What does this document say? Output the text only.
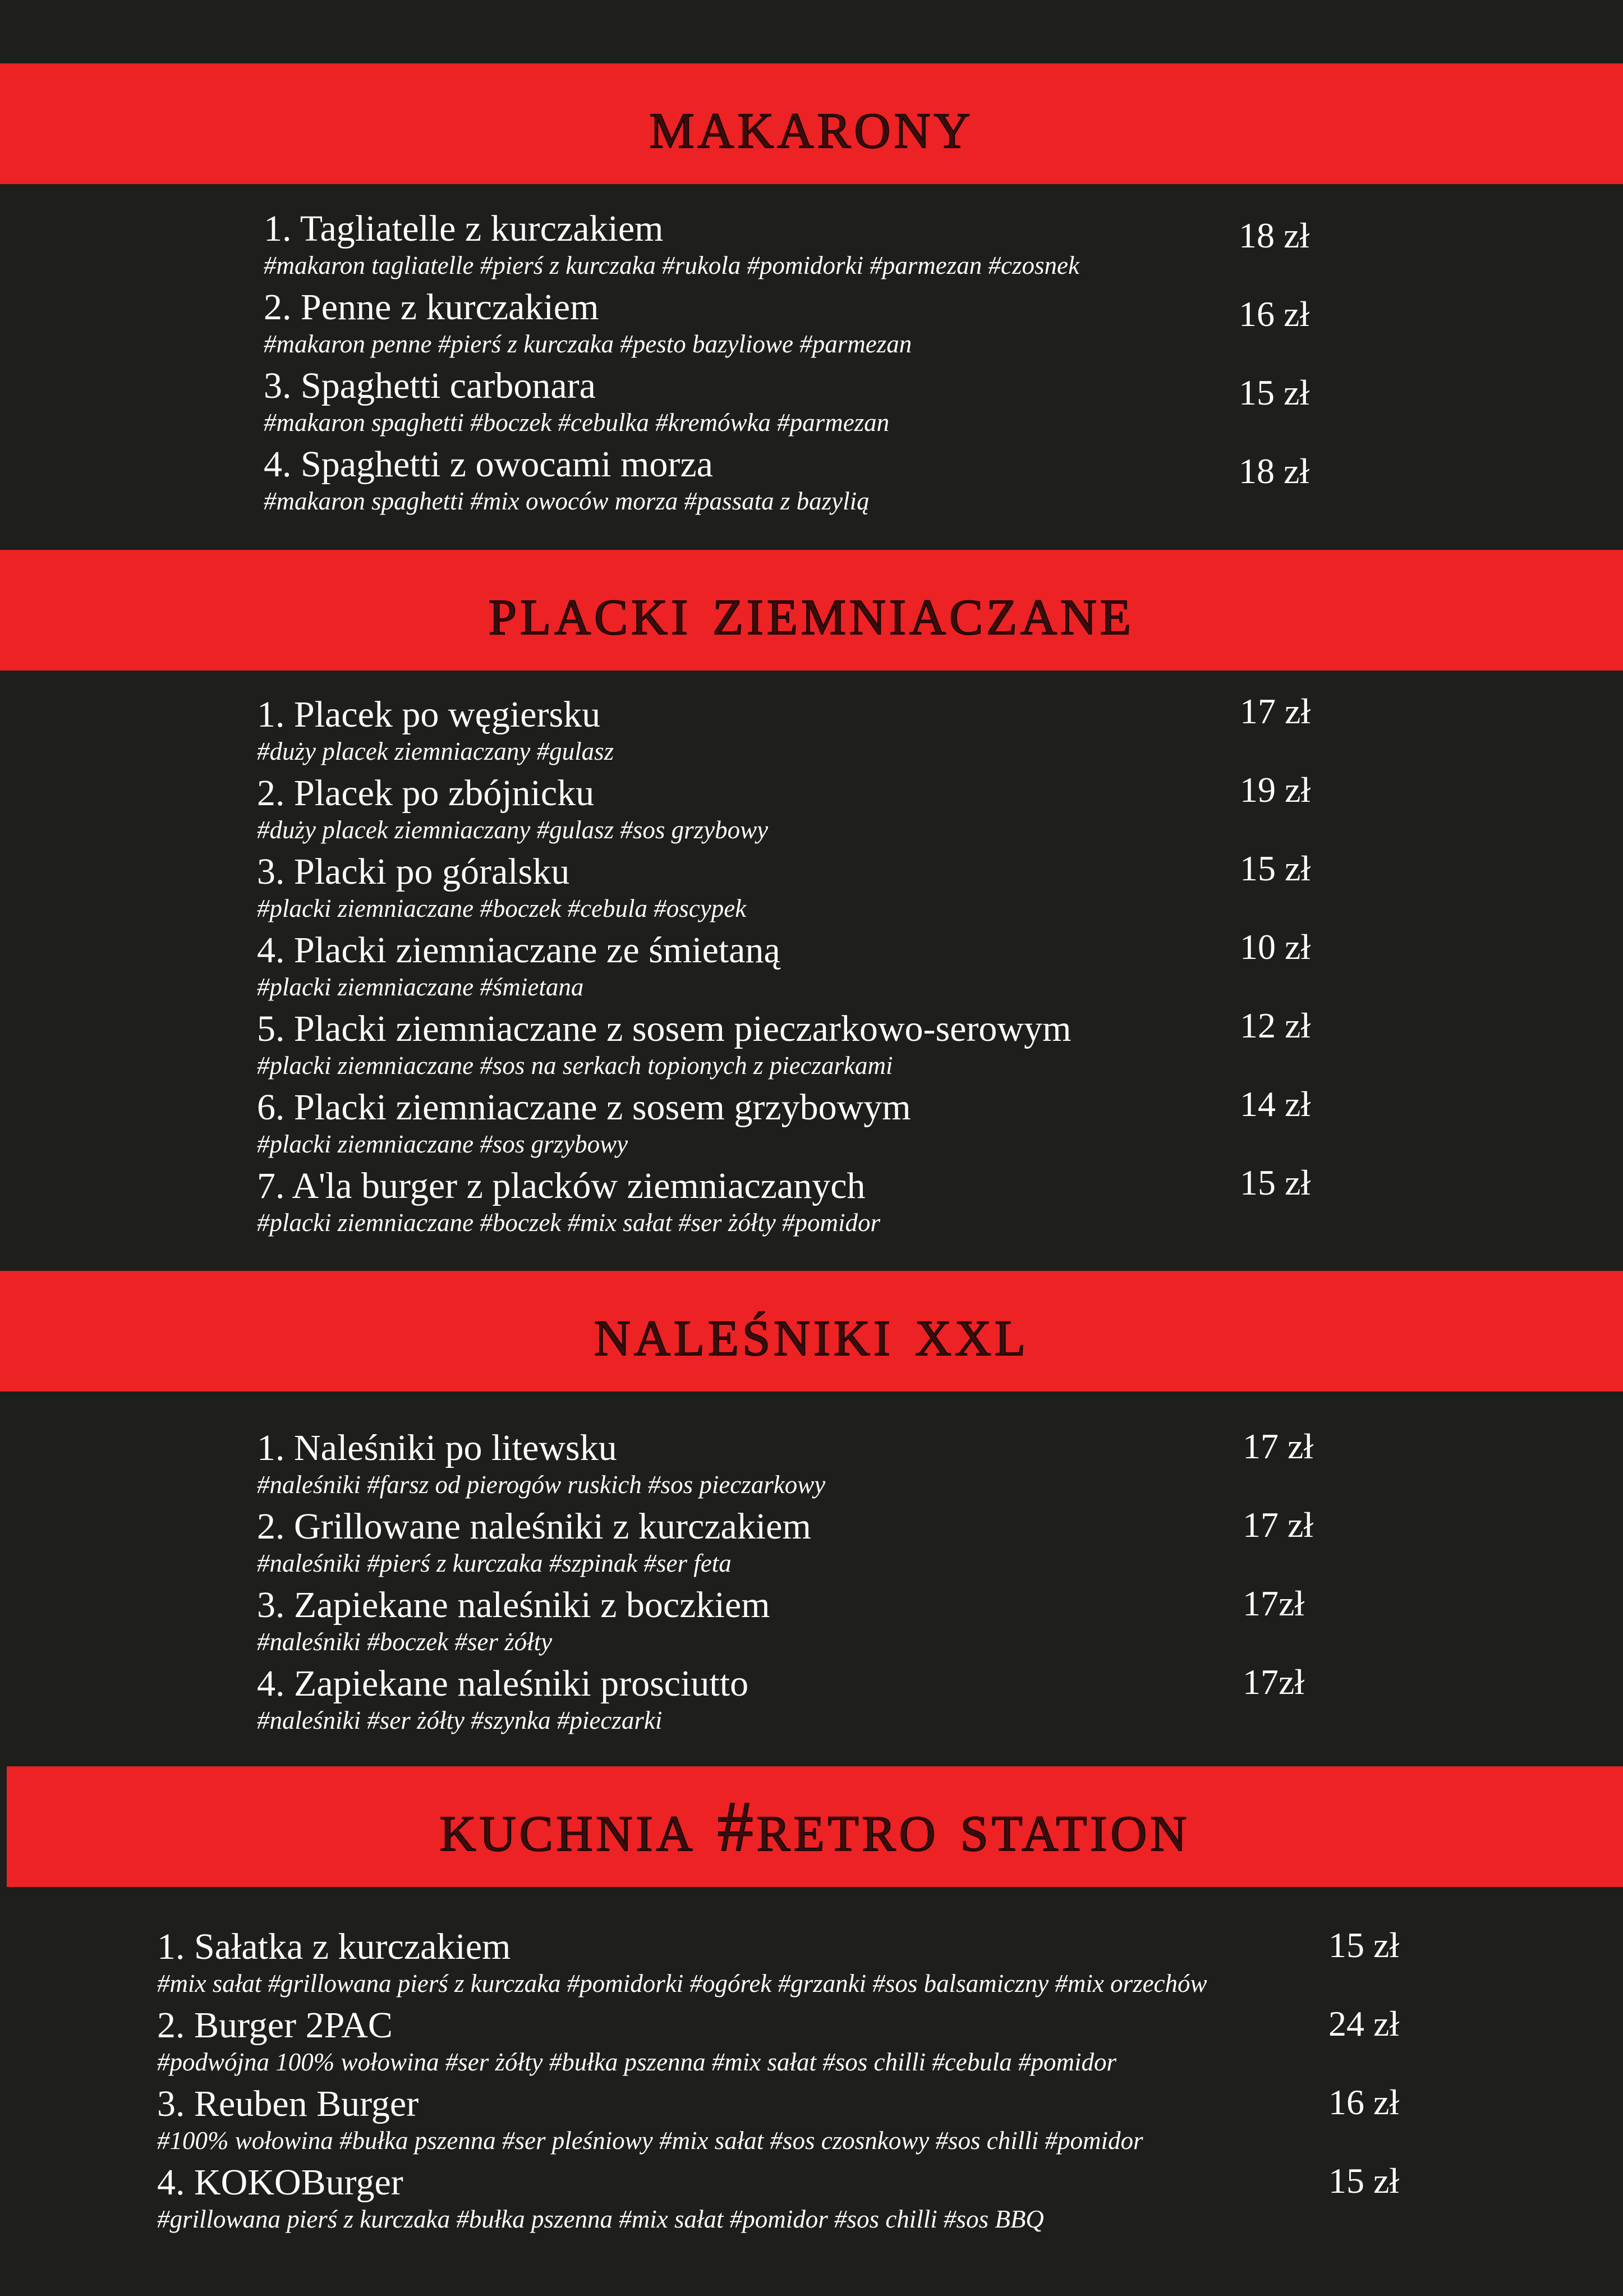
makarony
1. Tagliatelle z kurczakiem
#makaron tagliatelle #pierś z kurczaka #rukola #pomidorki #parmezan #czosnek
18 zł
2. Penne z kurczakiem
#makaron penne #pierś z kurczaka #pesto bazyliowe #parmezan
16 zł
3. Spaghetti carbonara
#makaron spaghetti #boczek #cebulka #kremówka #parmezan
15 zł
4. Spaghetti z owocami morza
#makaron spaghetti #mix owoców morza #passata z bazylią
18 zł
placki ziemniaczane
1. Placek po węgiersku
#duży placek ziemniaczany #gulasz
17 zł
2. Placek po zbójnicku
#duży placek ziemniaczany #gulasz #sos grzybowy
19 zł
3. Placki po góralsku
#placki ziemniaczane #boczek #cebula #oscypek
15 zł
4. Placki ziemniaczane ze śmietaną
#placki ziemniaczane #śmietana
10 zł
5. Placki ziemniaczane z sosem pieczarkowo-serowym
#placki ziemniaczane #sos na serkach topionych z pieczarkami
12 zł
6. Placki ziemniaczane z sosem grzybowym
#placki ziemniaczane #sos grzybowy
14 zł
7. A'la burger z placków ziemniaczanych
#placki ziemniaczane #boczek #mix sałat #ser żółty #pomidor
15 zł
naleśniki xxl
1. Naleśniki po litewsku
#naleśniki #farsz od pierogów ruskich #sos pieczarkowy
17 zł
2. Grillowane naleśniki z kurczakiem
#naleśniki #pierś z kurczaka #szpinak #ser feta
17 zł
3. Zapiekane naleśniki z boczkiem
#naleśniki #boczek #ser żółty
17zł
4. Zapiekane naleśniki prosciutto
#naleśniki #ser żółty #szynka #pieczarki
17zł
kuchnia #retro station
1. Sałatka z kurczakiem
#mix sałat #grillowana pierś z kurczaka #pomidorki #ogórek #grzanki #sos balsamiczny #mix orzechów
15 zł
2. Burger 2PAC
#podwójna 100% wołowina #ser żółty #bułka pszenna #mix sałat #sos chilli #cebula #pomidor
24 zł
3. Reuben Burger
#100% wołowina #bułka pszenna #ser pleśniowy #mix sałat #sos czosnkowy #sos chilli #pomidor
16 zł
4. KOKOBurger
#grillowana pierś z kurczaka #bułka pszenna #mix sałat #pomidor #sos chilli #sos BBQ
15 zł
